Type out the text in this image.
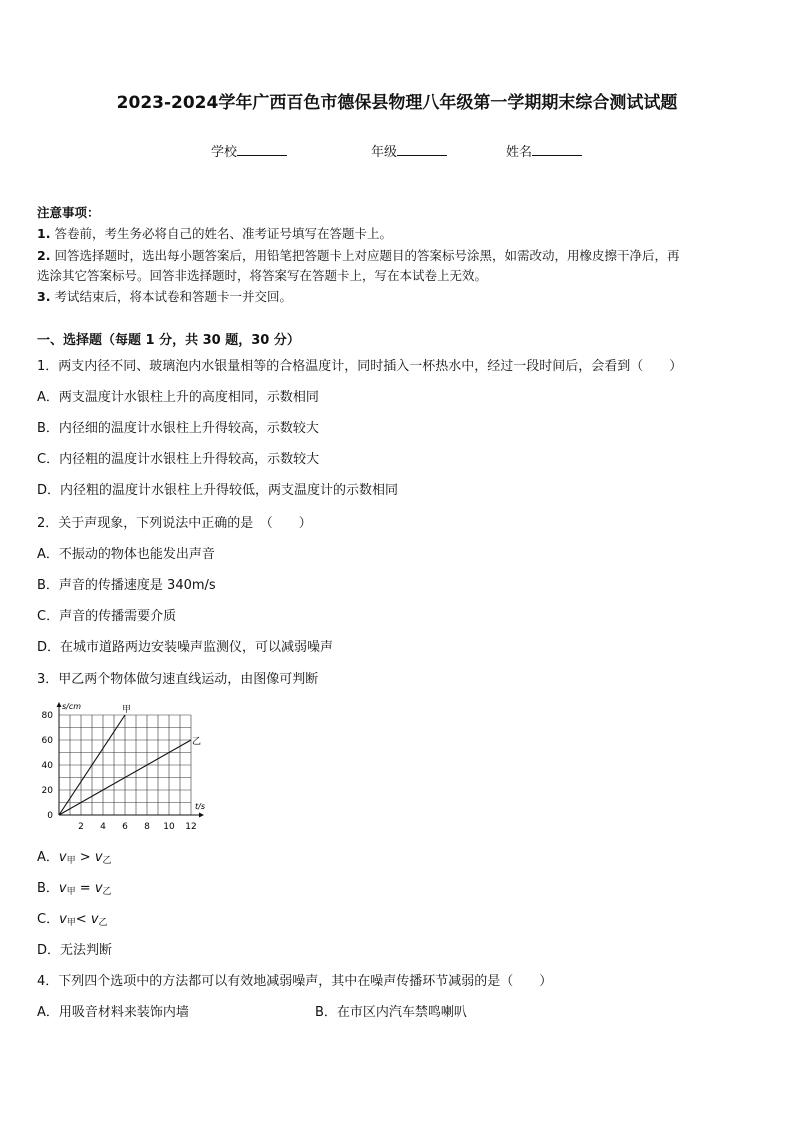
2023-2024学年广西百色市德保县物理八年级第一学期期末综合测试试题
学校	年级	姓名
注意事项：
1. 答卷前，考生务必将自己的姓名、准考证号填写在答题卡上。
2. 回答选择题时，选出每小题答案后，用铅笔把答题卡上对应题目的答案标号涂黑，如需改动，用橡皮擦干净后，再
选涂其它答案标号。回答非选择题时，将答案写在答题卡上，写在本试卷上无效。
3. 考试结束后，将本试卷和答题卡一并交回。
一、选择题（每题 1 分，共 30 题，30 分）
1．两支内径不同、玻璃泡内水银量相等的合格温度计，同时插入一杯热水中，经过一段时间后，会看到（　　）
A．两支温度计水银柱上升的高度相同，示数相同
B．内径细的温度计水银柱上升得较高，示数较大
C．内径粗的温度计水银柱上升得较高，示数较大
D．内径粗的温度计水银柱上升得较低，两支温度计的示数相同
2．关于声现象，下列说法中正确的是　（　　）
A．不振动的物体也能发出声音
B．声音的传播速度是 340m/s
C．声音的传播需要介质
D．在城市道路两边安装噪声监测仪，可以减弱噪声
3．甲乙两个物体做匀速直线运动，由图像可判断
2 4 6 8 10 12
0
20
40
60
80
s/cm
t/s
甲
乙
A．$v_甲 > v_乙$
B．$v_甲 = v_乙$
C．$v_甲< v_乙$
D．无法判断
4．下列四个选项中的方法都可以有效地减弱噪声，其中在噪声传播环节减弱的是（　　）
A．用吸音材料来装饰内墙	B．在市区内汽车禁鸣喇叭
